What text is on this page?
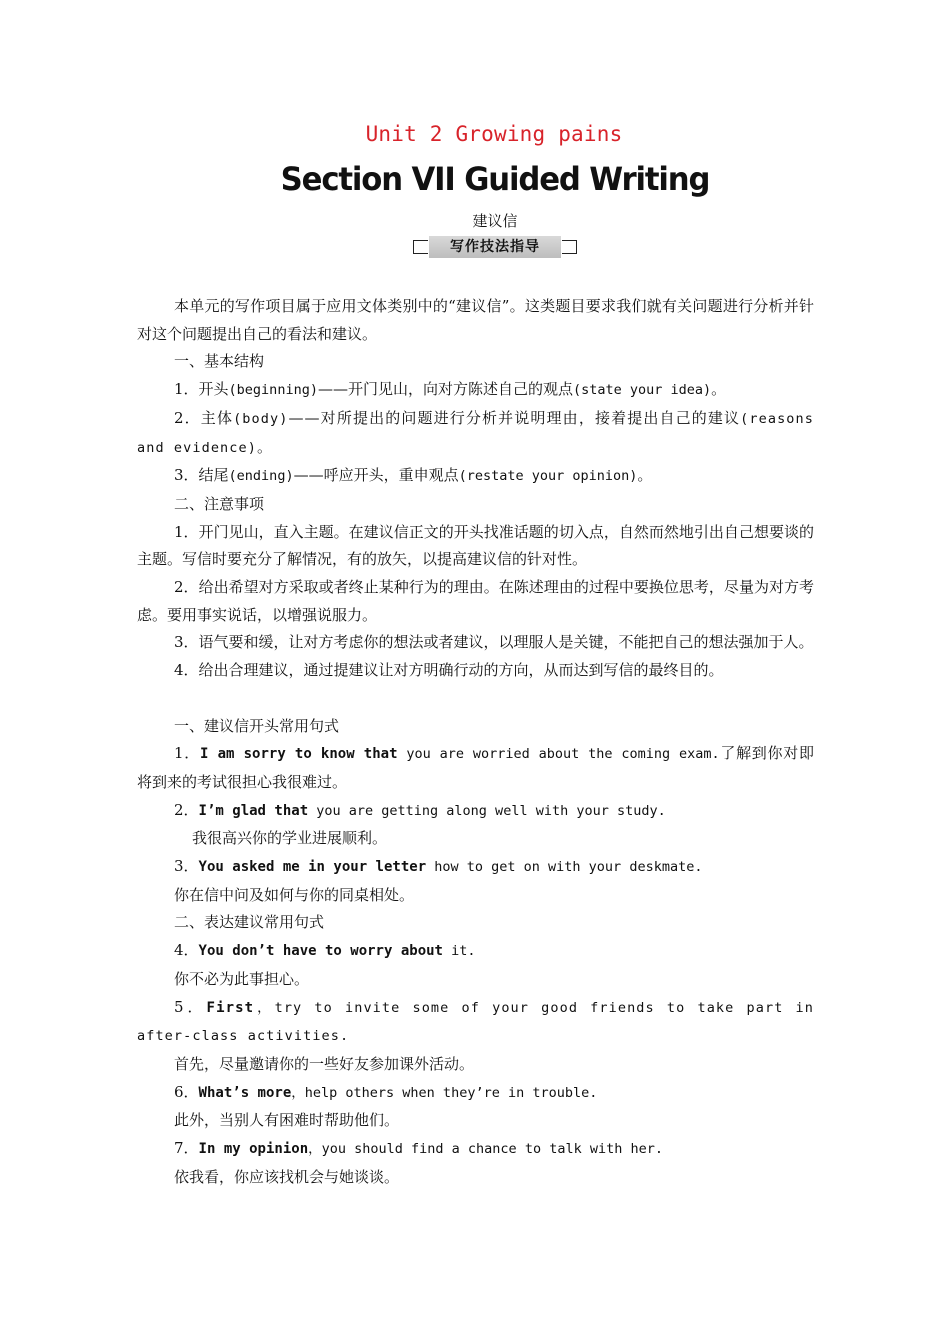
Unit 2 Growing pains
Section VII Guided Writing
建议信
写作技法指导

本单元的写作项目属于应用文体类别中的“建议信”。这类题目要求我们就有关问题进行分析并针对这个问题提出自己的看法和建议。

一、基本结构

1．开头(beginning)——开门见山，向对方陈述自己的观点(state your idea)。

2．主体(body)——对所提出的问题进行分析并说明理由，接着提出自己的建议(reasons and evidence)。

3．结尾(ending)——呼应开头，重申观点(restate your opinion)。

二、注意事项

1．开门见山，直入主题。在建议信正文的开头找准话题的切入点，自然而然地引出自己想要谈的主题。写信时要充分了解情况，有的放矢，以提高建议信的针对性。

2．给出希望对方采取或者终止某种行为的理由。在陈述理由的过程中要换位思考，尽量为对方考虑。要用事实说话，以增强说服力。

3．语气要和缓，让对方考虑你的想法或者建议，以理服人是关键，不能把自己的想法强加于人。

4．给出合理建议，通过提建议让对方明确行动的方向，从而达到写信的最终目的。

一、建议信开头常用句式

1．I am sorry to know that you are worried about the coming exam.了解到你对即将到来的考试很担心我很难过。

2．I’m glad that you are getting along well with your study.

我很高兴你的学业进展顺利。

3．You asked me in your letter how to get on with your deskmate.

你在信中问及如何与你的同桌相处。

二、表达建议常用句式

4．You don’t have to worry about it.

你不必为此事担心。

5．First，try to invite some of your good friends to take part in after-class activities.

首先，尽量邀请你的一些好友参加课外活动。

6．What’s more，help others when they’re in trouble.

此外，当别人有困难时帮助他们。

7．In my opinion，you should find a chance to talk with her.

依我看，你应该找机会与她谈谈。
